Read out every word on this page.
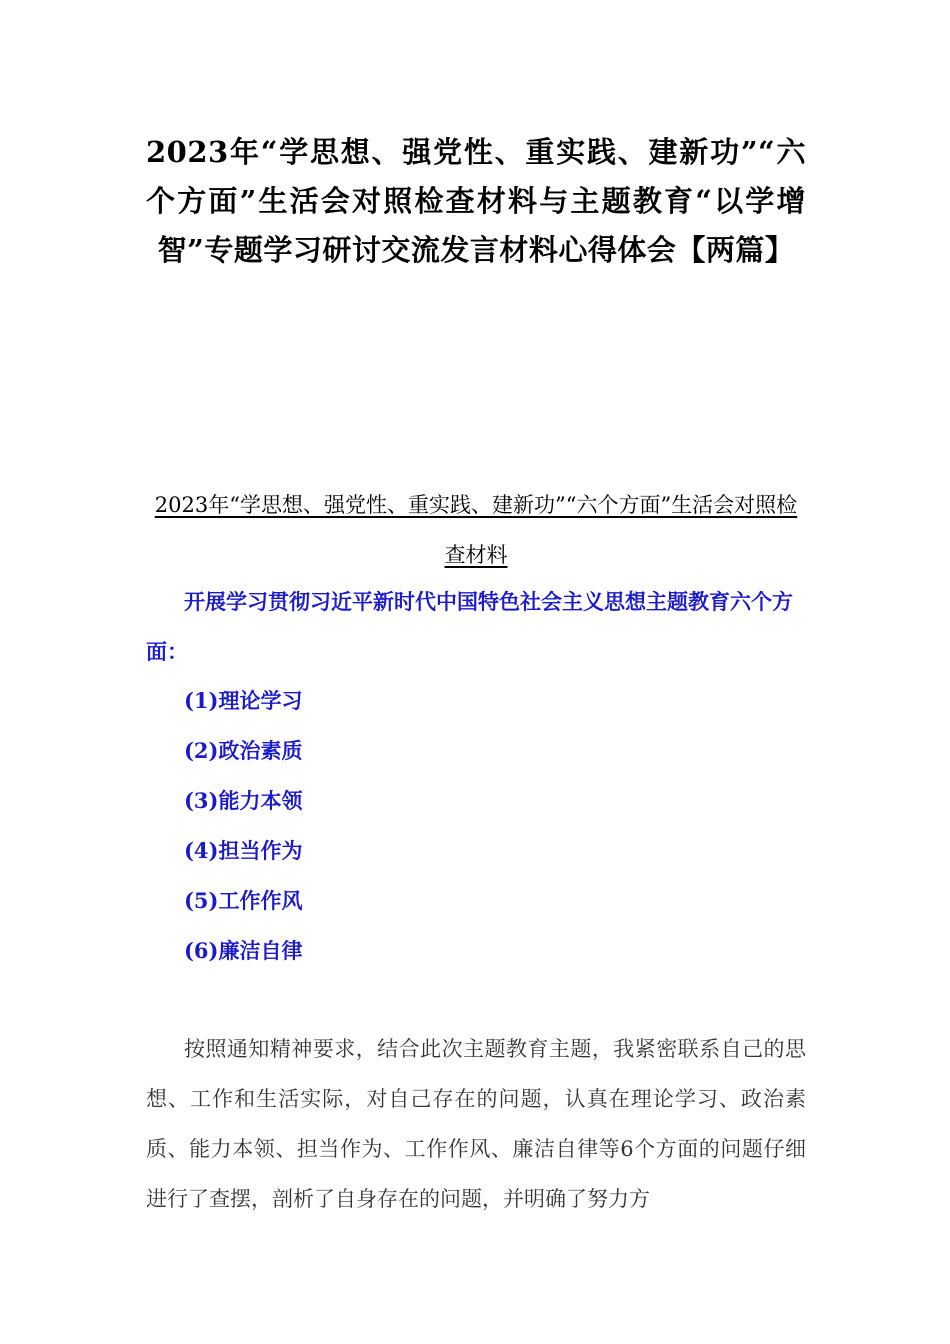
2023年“学思想、强党性、重实践、建新功”“六个方面”生活会对照检查材料与主题教育“以学增智”专题学习研讨交流发言材料心得体会【两篇】
2023年“学思想、强党性、重实践、建新功”“六个方面”生活会对照检查材料

开展学习贯彻习近平新时代中国特色社会主义思想主题教育六个方面：

(1)理论学习
(2)政治素质
(3)能力本领
(4)担当作为
(5)工作作风
(6)廉洁自律

按照通知精神要求，结合此次主题教育主题，我紧密联系自己的思想、工作和生活实际，对自己存在的问题，认真在理论学习、政治素质、能力本领、担当作为、工作作风、廉洁自律等6个方面的问题仔细进行了查摆，剖析了自身存在的问题，并明确了努力方
